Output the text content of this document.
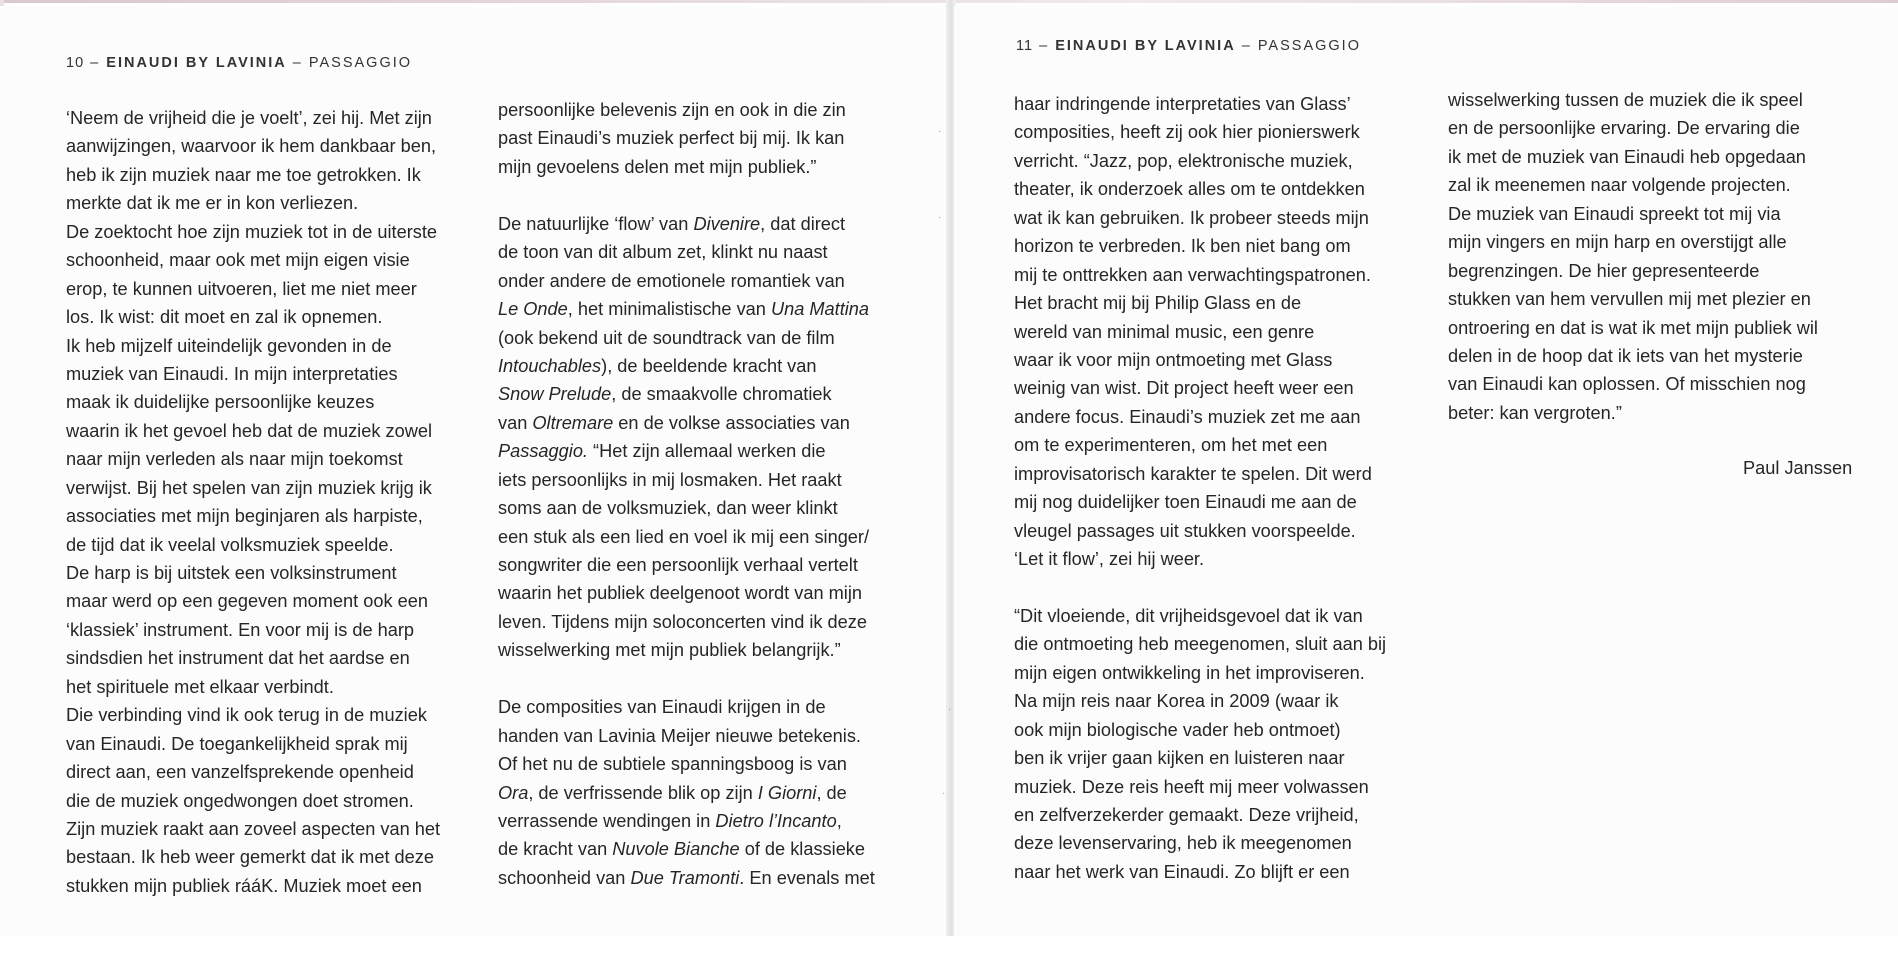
10 – EINAUDI BY LAVINIA – PASSAGGIO
11 – EINAUDI BY LAVINIA – PASSAGGIO
‘Neem de vrijheid die je voelt’, zei hij. Met zijn
aanwijzingen, waarvoor ik hem dankbaar ben,
heb ik zijn muziek naar me toe getrokken. Ik
merkte dat ik me er in kon verliezen.
De zoektocht hoe zijn muziek tot in de uiterste
schoonheid, maar ook met mijn eigen visie
erop, te kunnen uitvoeren, liet me niet meer
los. Ik wist: dit moet en zal ik opnemen.
Ik heb mijzelf uiteindelijk gevonden in de
muziek van Einaudi. In mijn interpretaties
maak ik duidelijke persoonlijke keuzes
waarin ik het gevoel heb dat de muziek zowel
naar mijn verleden als naar mijn toekomst
verwijst. Bij het spelen van zijn muziek krijg ik
associaties met mijn beginjaren als harpiste,
de tijd dat ik veelal volksmuziek speelde.
De harp is bij uitstek een volksinstrument
maar werd op een gegeven moment ook een
‘klassiek’ instrument. En voor mij is de harp
sindsdien het instrument dat het aardse en
het spirituele met elkaar verbindt.
Die verbinding vind ik ook terug in de muziek
van Einaudi. De toegankelijkheid sprak mij
direct aan, een vanzelfsprekende openheid
die de muziek ongedwongen doet stromen.
Zijn muziek raakt aan zoveel aspecten van het
bestaan. Ik heb weer gemerkt dat ik met deze
stukken mijn publiek rááK. Muziek moet een
persoonlijke belevenis zijn en ook in die zin
past Einaudi’s muziek perfect bij mij. Ik kan
mijn gevoelens delen met mijn publiek.”
De natuurlijke ‘flow’ van Divenire, dat direct
de toon van dit album zet, klinkt nu naast
onder andere de emotionele romantiek van
Le Onde, het minimalistische van Una Mattina
(ook bekend uit de soundtrack van de film
Intouchables), de beeldende kracht van
Snow Prelude, de smaakvolle chromatiek
van Oltremare en de volkse associaties van
Passaggio. “Het zijn allemaal werken die
iets persoonlijks in mij losmaken. Het raakt
soms aan de volksmuziek, dan weer klinkt
een stuk als een lied en voel ik mij een singer/
songwriter die een persoonlijk verhaal vertelt
waarin het publiek deelgenoot wordt van mijn
leven. Tijdens mijn soloconcerten vind ik deze
wisselwerking met mijn publiek belangrijk.”
De composities van Einaudi krijgen in de
handen van Lavinia Meijer nieuwe betekenis.
Of het nu de subtiele spanningsboog is van
Ora, de verfrissende blik op zijn I Giorni, de
verrassende wendingen in Dietro l’Incanto,
de kracht van Nuvole Bianche of de klassieke
schoonheid van Due Tramonti. En evenals met
haar indringende interpretaties van Glass’
composities, heeft zij ook hier pionierswerk
verricht. “Jazz, pop, elektronische muziek,
theater, ik onderzoek alles om te ontdekken
wat ik kan gebruiken. Ik probeer steeds mijn
horizon te verbreden. Ik ben niet bang om
mij te onttrekken aan verwachtingspatronen.
Het bracht mij bij Philip Glass en de
wereld van minimal music, een genre
waar ik voor mijn ontmoeting met Glass
weinig van wist. Dit project heeft weer een
andere focus. Einaudi’s muziek zet me aan
om te experimenteren, om het met een
improvisatorisch karakter te spelen. Dit werd
mij nog duidelijker toen Einaudi me aan de
vleugel passages uit stukken voorspeelde.
‘Let it flow’, zei hij weer.
“Dit vloeiende, dit vrijheidsgevoel dat ik van
die ontmoeting heb meegenomen, sluit aan bij
mijn eigen ontwikkeling in het improviseren.
Na mijn reis naar Korea in 2009 (waar ik
ook mijn biologische vader heb ontmoet)
ben ik vrijer gaan kijken en luisteren naar
muziek. Deze reis heeft mij meer volwassen
en zelfverzekerder gemaakt. Deze vrijheid,
deze levenservaring, heb ik meegenomen
naar het werk van Einaudi. Zo blijft er een
wisselwerking tussen de muziek die ik speel
en de persoonlijke ervaring. De ervaring die
ik met de muziek van Einaudi heb opgedaan
zal ik meenemen naar volgende projecten.
De muziek van Einaudi spreekt tot mij via
mijn vingers en mijn harp en overstijgt alle
begrenzingen. De hier gepresenteerde
stukken van hem vervullen mij met plezier en
ontroering en dat is wat ik met mijn publiek wil
delen in de hoop dat ik iets van het mysterie
van Einaudi kan oplossen. Of misschien nog
beter: kan vergroten.”
Paul Janssen
·
·
·
·
